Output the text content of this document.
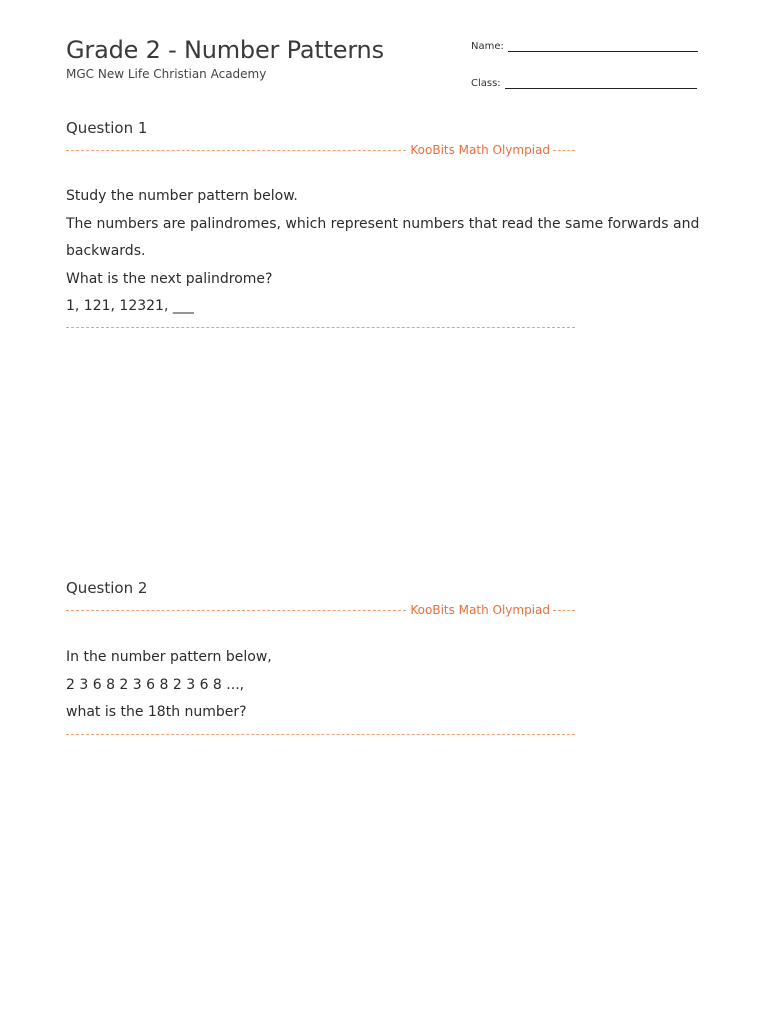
Grade 2 - Number Patterns
MGC New Life Christian Academy
Name:
Class:
Question 1
KooBits Math Olympiad

Study the number pattern below.

The numbers are palindromes, which represent numbers that read the same forwards and backwards.

What is the next palindrome?

1, 121, 12321, ___

Question 2
KooBits Math Olympiad

In the number pattern below,

2 3 6 8 2 3 6 8 2 3 6 8 ...,

what is the 18th number?
